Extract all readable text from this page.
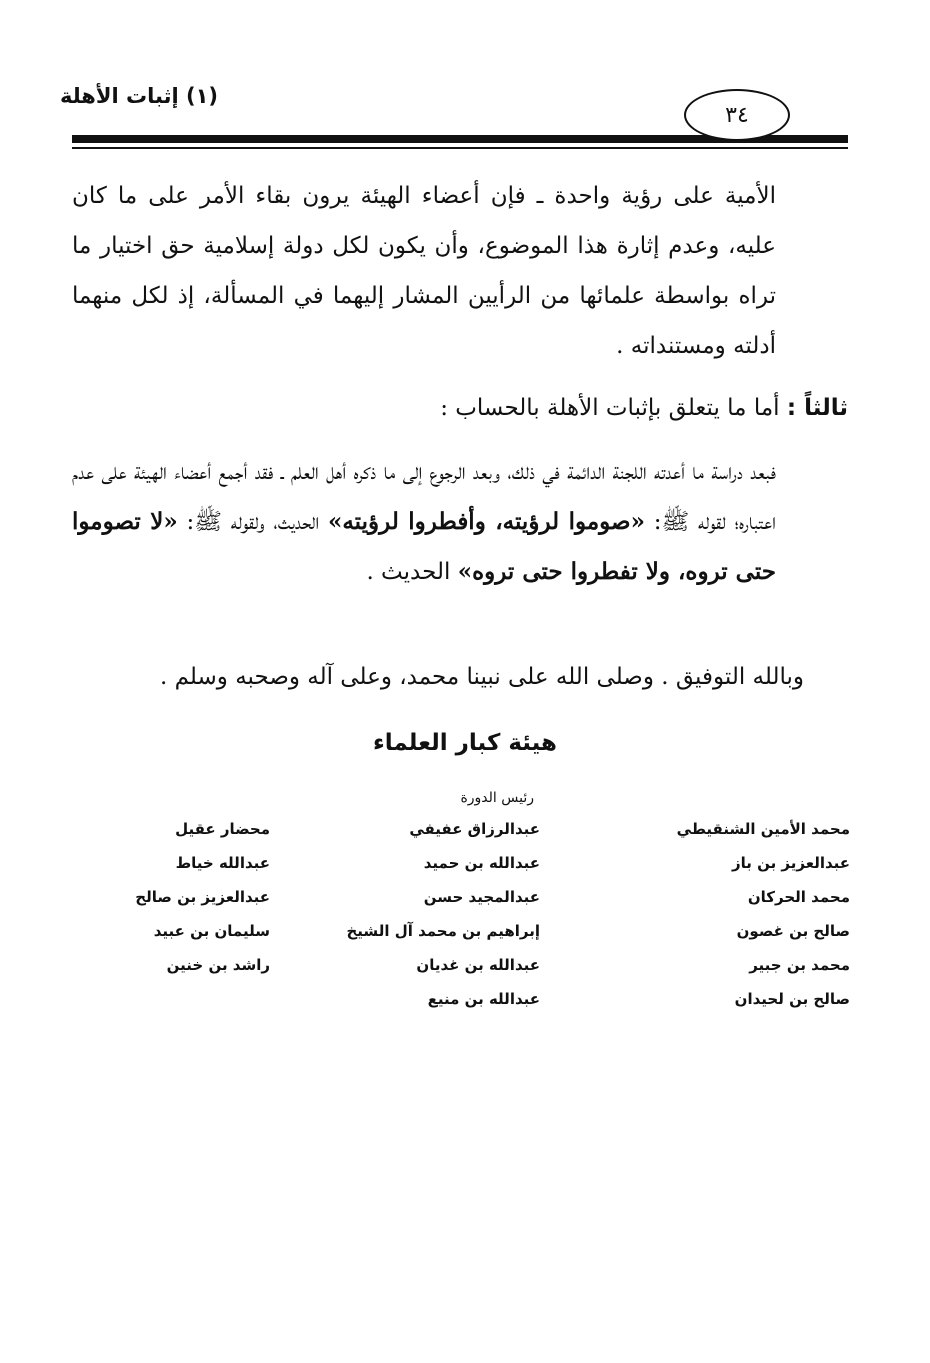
(١) إثبات الأهلة
٣٤
الأمية على رؤية واحدة ـ فإن أعضاء الهيئة يرون بقاء الأمر على ما كان عليه، وعدم إثارة هذا الموضوع، وأن يكون لكل دولة إسلامية حق اختيار ما تراه بواسطة علمائها من الرأيين المشار إليهما في المسألة، إذ لكل منهما أدلته ومستنداته .
ثالثاً : أما ما يتعلق بإثبات الأهلة بالحساب :
فبعد دراسة ما أعدته اللجنة الدائمة في ذلك، وبعد الرجوع إلى ما ذكره أهل العلم ـ فقد أجمع أعضاء الهيئة على عدم اعتباره؛ لقوله ﷺ: «صوموا لرؤيته، وأفطروا لرؤيته» الحديث، ولقوله ﷺ: «لا تصوموا حتى تروه، ولا تفطروا حتى تروه» الحديث .
وبالله التوفيق . وصلى الله على نبينا محمد، وعلى آله وصحبه وسلم .
هيئة كبار العلماء
رئيس الدورة
محمد الأمين الشنقيطي
عبدالعزيز بن باز
محمد الحركان
صالح بن غصون
محمد بن جبير
صالح بن لحيدان
عبدالرزاق عفيفي
عبدالله بن حميد
عبدالمجيد حسن
إبراهيم بن محمد آل الشيخ
عبدالله بن غديان
عبدالله بن منيع
محضار عقيل
عبدالله خياط
عبدالعزيز بن صالح
سليمان بن عبيد
راشد بن خنين
